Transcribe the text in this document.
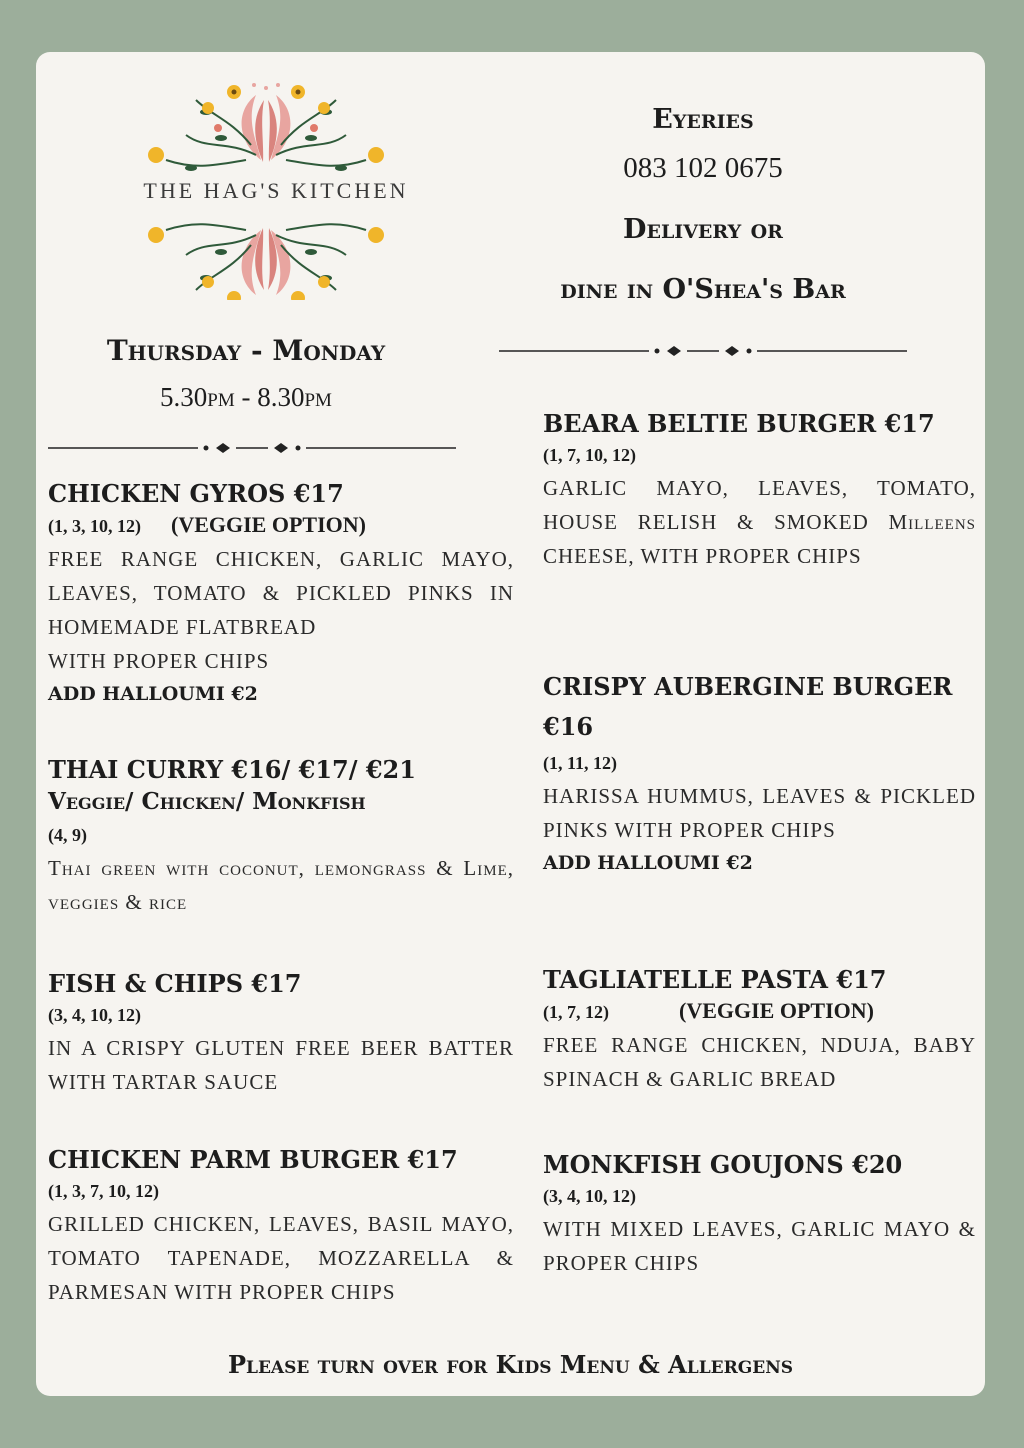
THE HAG'S KITCHEN
Thursday - Monday
5.30pm - 8.30pm
Eyeries
083 102 0675
Delivery or
dine in O'Shea's Bar
CHICKEN GYROS €17
(1, 3, 10, 12) (VEGGIE OPTION)
FREE RANGE CHICKEN, GARLIC MAYO, LEAVES, TOMATO & PICKLED PINKS IN HOMEMADE FLATBREAD
WITH PROPER CHIPS
ADD HALLOUMI €2
THAI CURRY €16/ €17/ €21
Veggie/ Chicken/ Monkfish
(4, 9)
Thai green with coconut, lemongrass & Lime, veggies & rice
FISH & CHIPS €17
(3, 4, 10, 12)
IN A CRISPY GLUTEN FREE BEER BATTER WITH TARTAR SAUCE
CHICKEN PARM BURGER €17
(1, 3, 7, 10, 12)
GRILLED CHICKEN, LEAVES, BASIL MAYO, TOMATO TAPENADE, MOZZARELLA & PARMESAN WITH PROPER CHIPS
BEARA BELTIE BURGER €17
(1, 7, 10, 12)
GARLIC MAYO, LEAVES, TOMATO, HOUSE RELISH & SMOKED Milleens CHEESE, WITH PROPER CHIPS
CRISPY AUBERGINE BURGER €16
(1, 11, 12)
HARISSA HUMMUS, LEAVES & PICKLED PINKS WITH PROPER CHIPS
ADD HALLOUMI €2
TAGLIATELLE PASTA €17
(1, 7, 12)	(VEGGIE OPTION)
FREE RANGE CHICKEN, NDUJA, BABY SPINACH & GARLIC BREAD
MONKFISH GOUJONS €20
(3, 4, 10, 12)
WITH MIXED LEAVES, GARLIC MAYO & PROPER CHIPS
Please turn over for Kids Menu & Allergens
